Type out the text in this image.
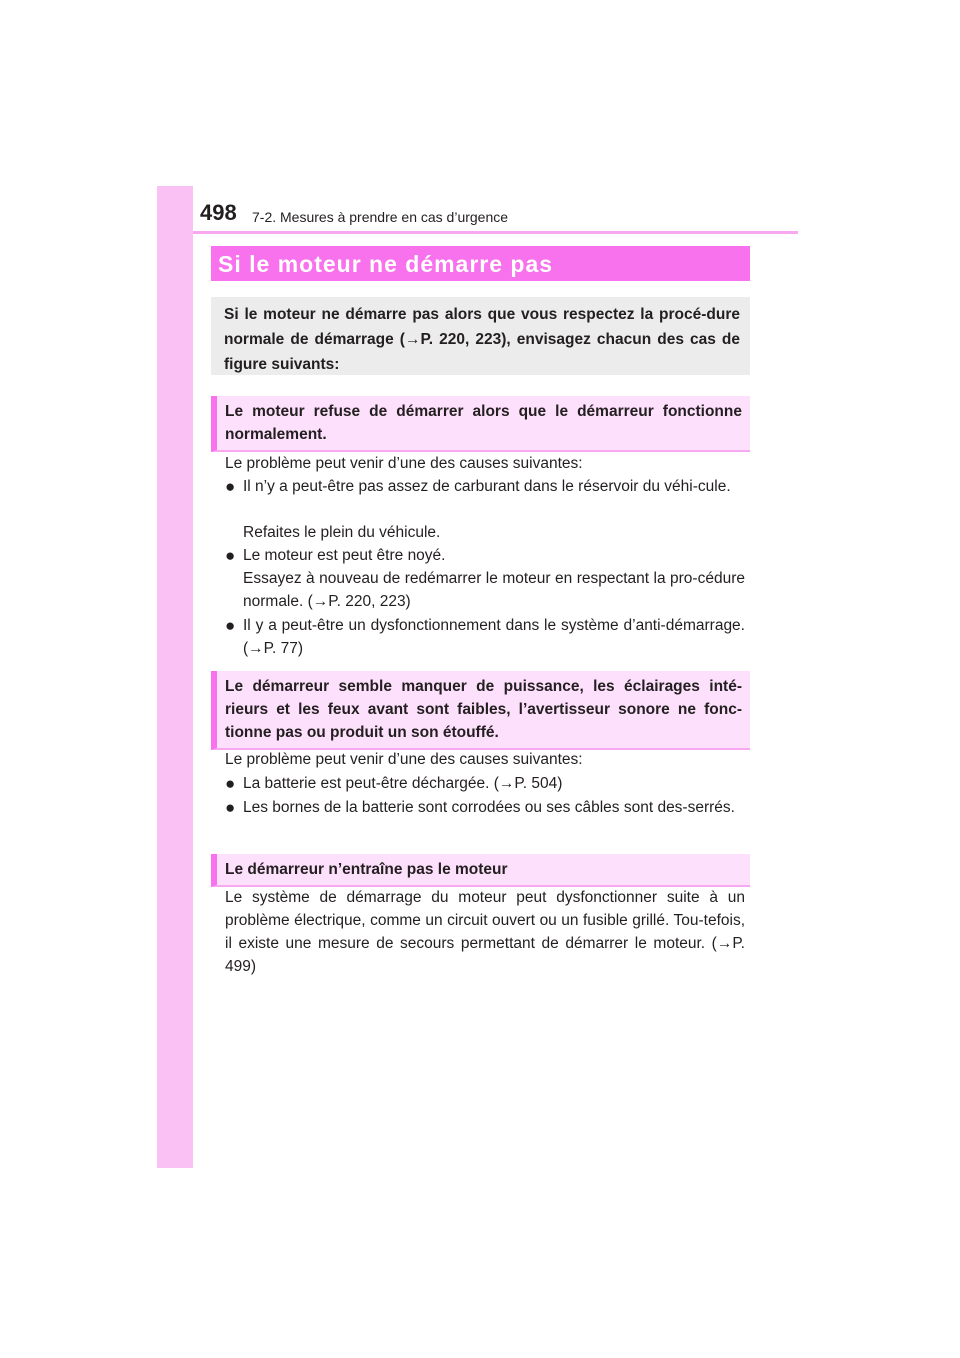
498 7-2. Mesures à prendre en cas d’urgence
Si le moteur ne démarre pas

Si le moteur ne démarre pas alors que vous respectez la procé-dure normale de démarrage (→P. 220, 223), envisagez chacun des cas de figure suivants:

Le moteur refuse de démarrer alors que le démarreur fonctionne normalement.

Le problème peut venir d’une des causes suivantes:

● Il n’y a peut-être pas assez de carburant dans le réservoir du véhi-cule.
Refaites le plein du véhicule.
● Le moteur est peut être noyé.
Essayez à nouveau de redémarrer le moteur en respectant la pro-cédure normale. (→P. 220, 223)
● Il y a peut-être un dysfonctionnement dans le système d’anti-démarrage. (→P. 77)

Le démarreur semble manquer de puissance, les éclairages inté-rieurs et les feux avant sont faibles, l’avertisseur sonore ne fonc-tionne pas ou produit un son étouffé.

Le problème peut venir d’une des causes suivantes:

● La batterie est peut-être déchargée. (→P. 504)
● Les bornes de la batterie sont corrodées ou ses câbles sont des-serrés.

Le démarreur n’entraîne pas le moteur

Le système de démarrage du moteur peut dysfonctionner suite à un problème électrique, comme un circuit ouvert ou un fusible grillé. Tou-tefois, il existe une mesure de secours permettant de démarrer le moteur. (→P. 499)
